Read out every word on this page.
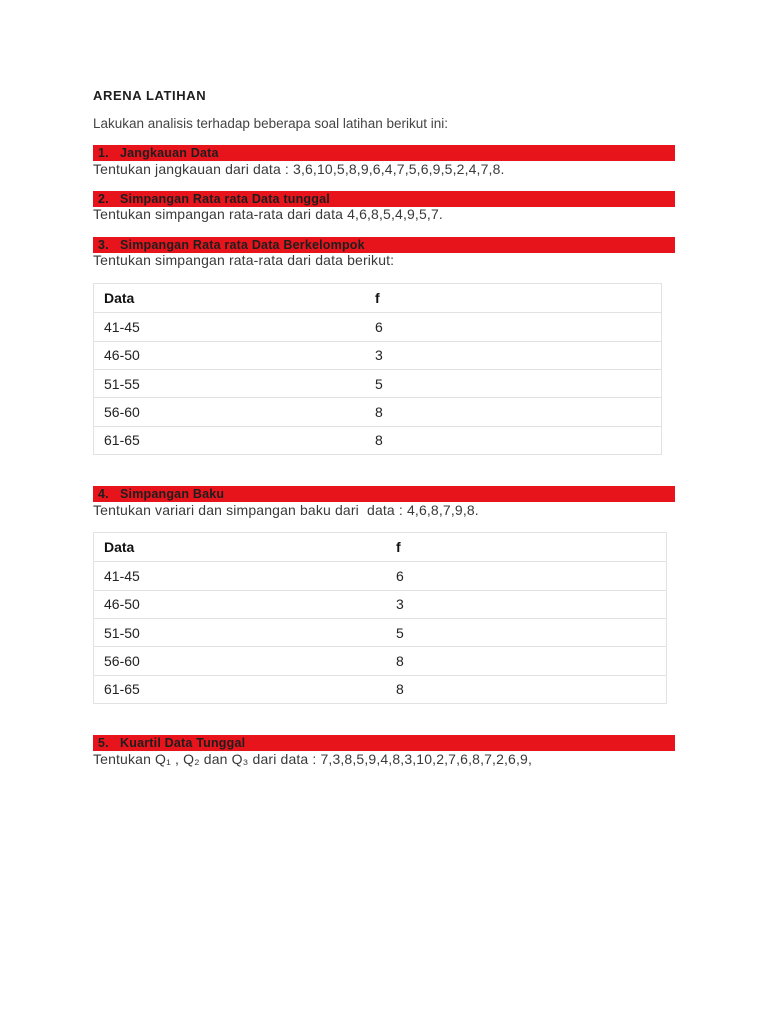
ARENA LATIHAN
Lakukan analisis terhadap beberapa soal latihan berikut ini:
1. Jangkauan Data
Tentukan jangkauan dari data : 3,6,10,5,8,9,6,4,7,5,6,9,5,2,4,7,8.
2. Simpangan Rata rata Data tunggal
Tentukan simpangan rata-rata dari data 4,6,8,5,4,9,5,7.
3. Simpangan Rata rata Data Berkelompok
Tentukan simpangan rata-rata dari data berikut:
Data	f
41-45	6
46-50	3
51-55	5
56-60	8
61-65	8
4. Simpangan Baku
Tentukan variari dan simpangan baku dari  data : 4,6,8,7,9,8.
Data	f
41-45	6
46-50	3
51-50	5
56-60	8
61-65	8
5. Kuartil Data Tunggal
Tentukan Q₁ , Q₂ dan Q₃ dari data : 7,3,8,5,9,4,8,3,10,2,7,6,8,7,2,6,9,
